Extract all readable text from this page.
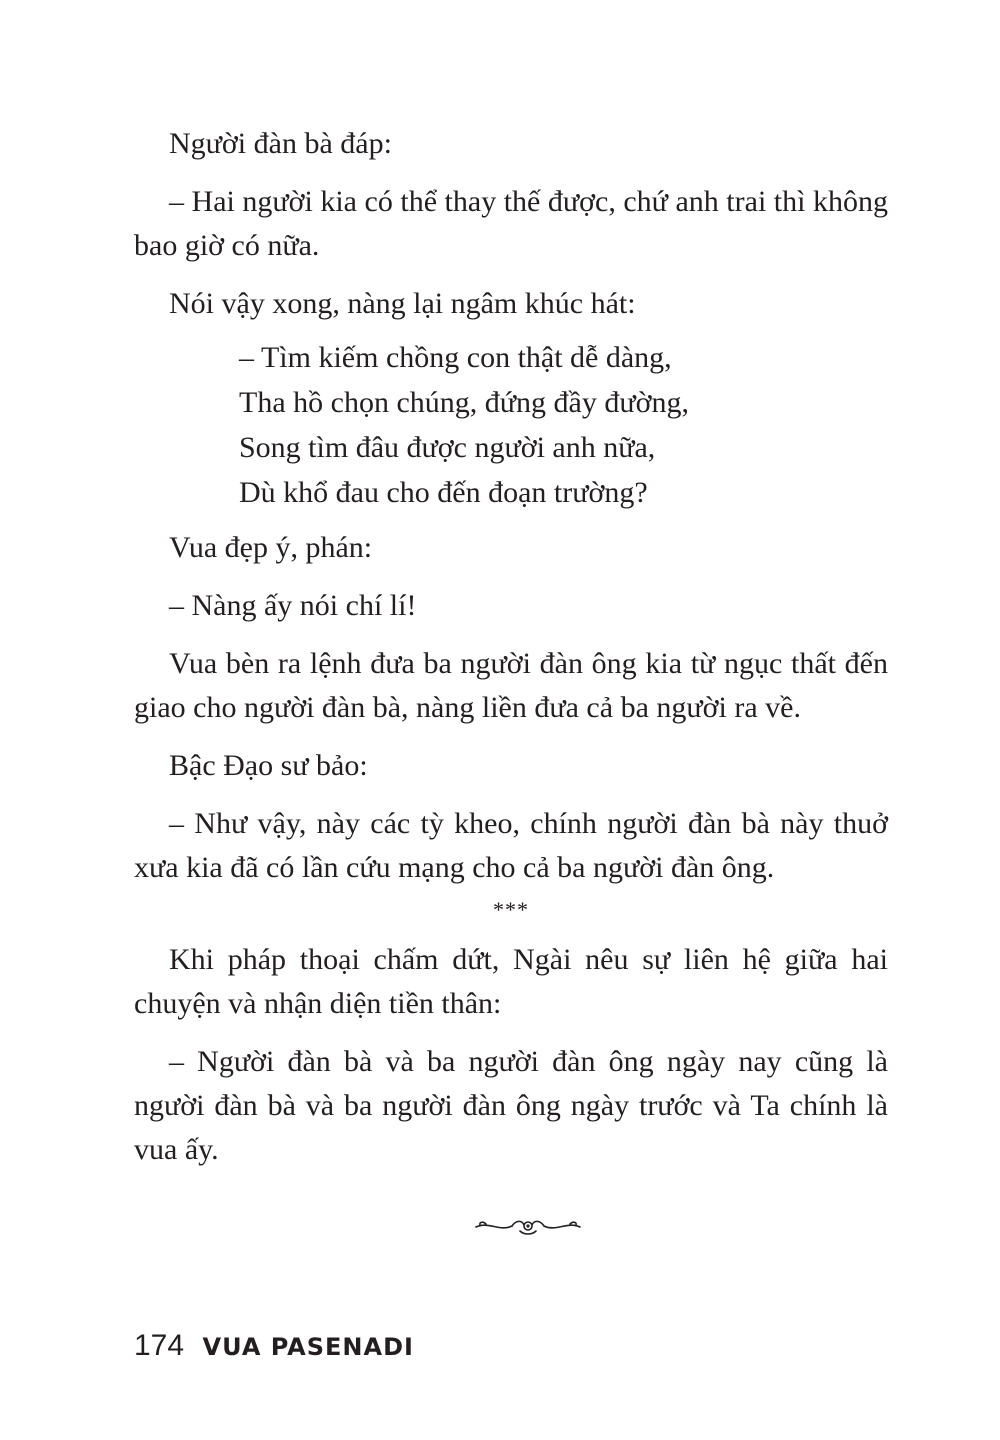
Người đàn bà đáp:

– Hai người kia có thể thay thế được, chứ anh trai thì không bao giờ có nữa.

Nói vậy xong, nàng lại ngâm khúc hát:

– Tìm kiếm chồng con thật dễ dàng,
Tha hồ chọn chúng, đứng đầy đường,
Song tìm đâu được người anh nữa,
Dù khổ đau cho đến đoạn trường?

Vua đẹp ý, phán:

– Nàng ấy nói chí lí!

Vua bèn ra lệnh đưa ba người đàn ông kia từ ngục thất đến giao cho người đàn bà, nàng liền đưa cả ba người ra về.

Bậc Đạo sư bảo:

– Như vậy, này các tỳ kheo, chính người đàn bà này thuở xưa kia đã có lần cứu mạng cho cả ba người đàn ông.

***

Khi pháp thoại chấm dứt, Ngài nêu sự liên hệ giữa hai chuyện và nhận diện tiền thân:

– Người đàn bà và ba người đàn ông ngày nay cũng là người đàn bà và ba người đàn ông ngày trước và Ta chính là vua ấy.

174 VUA PASENADI
